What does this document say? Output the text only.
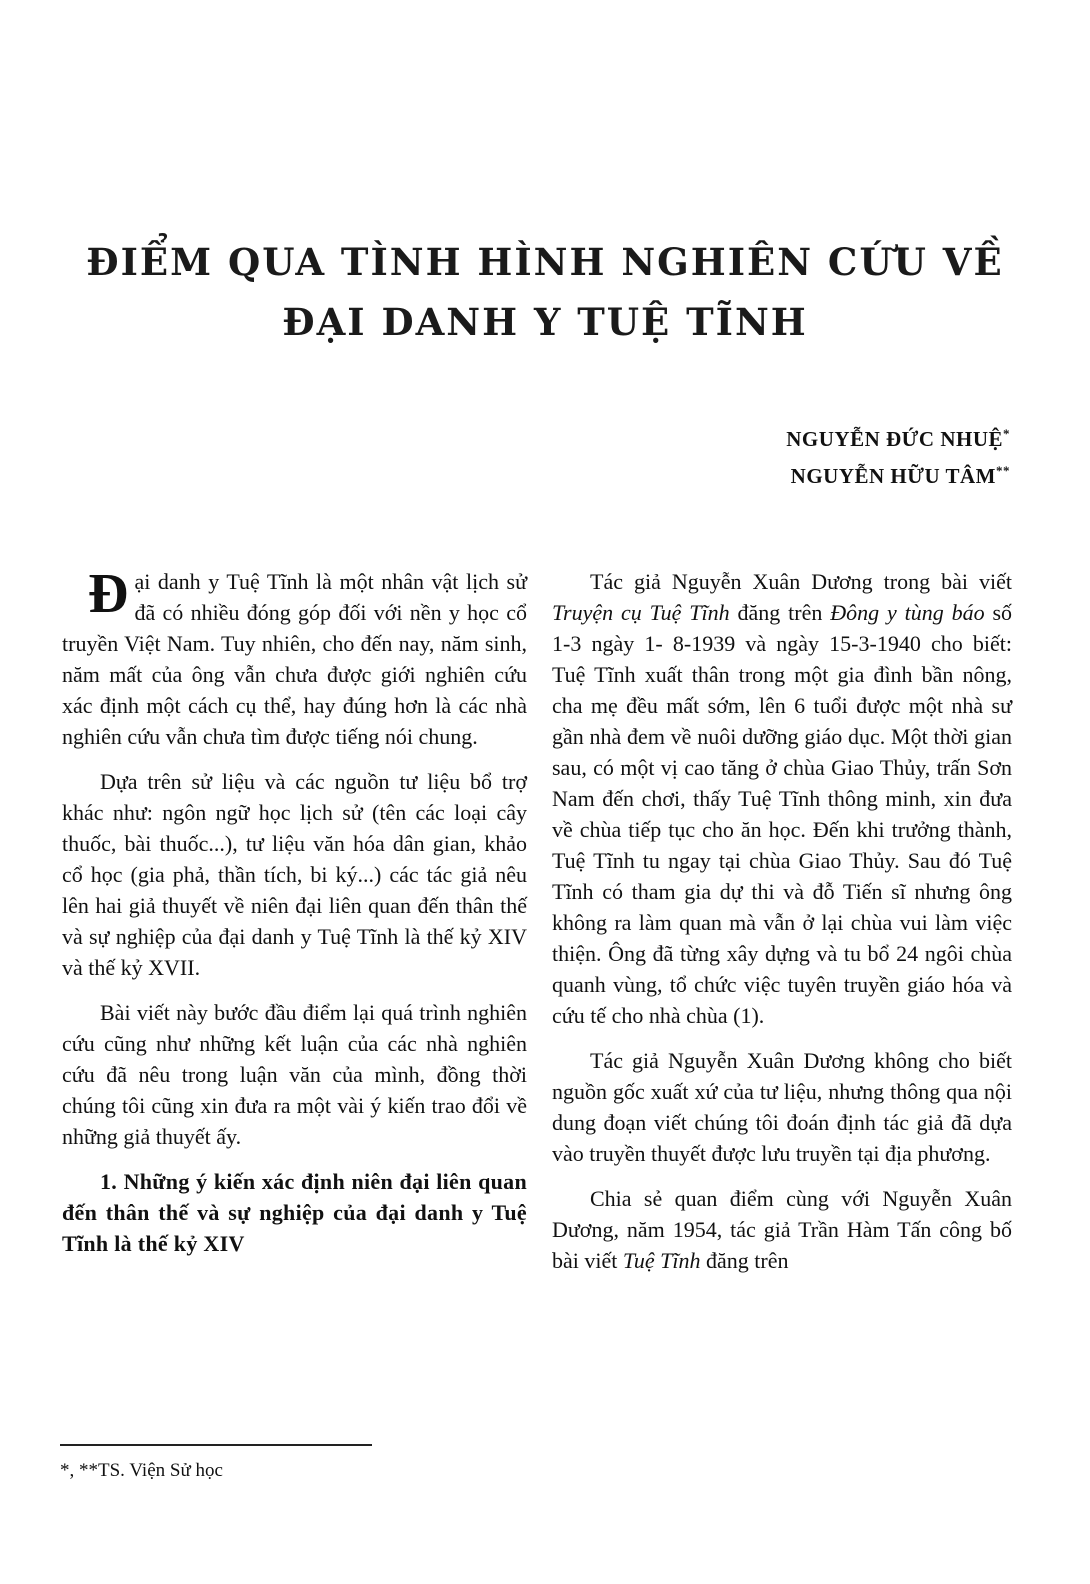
ĐIỂM QUA TÌNH HÌNH NGHIÊN CỨU VỀ
ĐẠI DANH Y TUỆ TĨNH
NGUYỄN ĐỨC NHUỆ*
NGUYỄN HỮU TÂM**

Đại danh y Tuệ Tĩnh là một nhân vật lịch sử đã có nhiều đóng góp đối với nền y học cổ truyền Việt Nam. Tuy nhiên, cho đến nay, năm sinh, năm mất của ông vẫn chưa được giới nghiên cứu xác định một cách cụ thể, hay đúng hơn là các nhà nghiên cứu vẫn chưa tìm được tiếng nói chung.

Dựa trên sử liệu và các nguồn tư liệu bổ trợ khác như: ngôn ngữ học lịch sử (tên các loại cây thuốc, bài thuốc...), tư liệu văn hóa dân gian, khảo cổ học (gia phả, thần tích, bi ký...) các tác giả nêu lên hai giả thuyết về niên đại liên quan đến thân thế và sự nghiệp của đại danh y Tuệ Tĩnh là thế kỷ XIV và thế kỷ XVII.

Bài viết này bước đầu điểm lại quá trình nghiên cứu cũng như những kết luận của các nhà nghiên cứu đã nêu trong luận văn của mình, đồng thời chúng tôi cũng xin đưa ra một vài ý kiến trao đổi về những giả thuyết ấy.

1. Những ý kiến xác định niên đại liên quan đến thân thế và sự nghiệp của đại danh y Tuệ Tĩnh là thế kỷ XIV

Tác giả Nguyễn Xuân Dương trong bài viết Truyện cụ Tuệ Tĩnh đăng trên Đông y tùng báo số 1-3 ngày 1- 8-1939 và ngày 15-3-1940 cho biết: Tuệ Tĩnh xuất thân trong một gia đình bần nông, cha mẹ đều mất sớm, lên 6 tuổi được một nhà sư gần nhà đem về nuôi dưỡng giáo dục. Một thời gian sau, có một vị cao tăng ở chùa Giao Thủy, trấn Sơn Nam đến chơi, thấy Tuệ Tĩnh thông minh, xin đưa về chùa tiếp tục cho ăn học. Đến khi trưởng thành, Tuệ Tĩnh tu ngay tại chùa Giao Thủy. Sau đó Tuệ Tĩnh có tham gia dự thi và đỗ Tiến sĩ nhưng ông không ra làm quan mà vẫn ở lại chùa vui làm việc thiện. Ông đã từng xây dựng và tu bổ 24 ngôi chùa quanh vùng, tổ chức việc tuyên truyền giáo hóa và cứu tế cho nhà chùa (1).

Tác giả Nguyễn Xuân Dương không cho biết nguồn gốc xuất xứ của tư liệu, nhưng thông qua nội dung đoạn viết chúng tôi đoán định tác giả đã dựa vào truyền thuyết được lưu truyền tại địa phương.

Chia sẻ quan điểm cùng với Nguyễn Xuân Dương, năm 1954, tác giả Trần Hàm Tấn công bố bài viết Tuệ Tĩnh đăng trên

*, **TS. Viện Sử học
